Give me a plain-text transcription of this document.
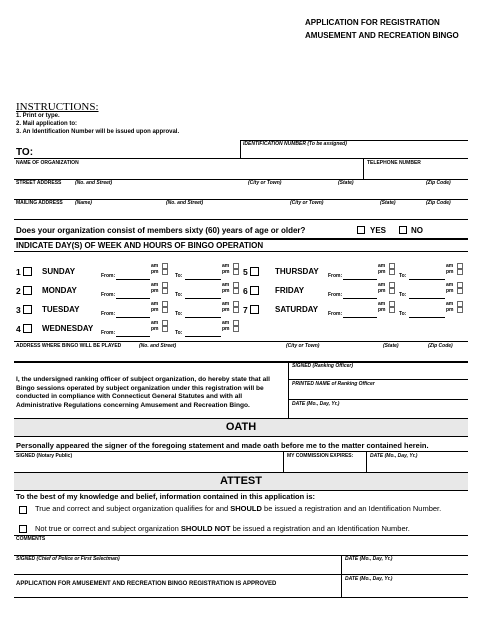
APPLICATION FOR REGISTRATION
AMUSEMENT AND RECREATION BINGO
INSTRUCTIONS:
1. Print or type.
2. Mail application to:
3. An Identification Number will be issued upon approval.
IDENTIFICATION NUMBER (To be assigned)
TO:
NAME OF ORGANIZATION	TELEPHONE NUMBER
STREET ADDRESS	(No. and Street)	(City or Town)	(State)	(Zip Code)
MAILING ADDRESS (Name)	(No. and Street)	(City or Town)	(State)	(Zip Code)
Does your organization consist of members sixty (60) years of age or older?	YES	NO
INDICATE DAY(S) OF WEEK AND HOURS OF BINGO OPERATION
1	SUNDAY	From:
am
pm
To:
am
pm
2	MONDAY	From:
am
pm
To:
am
pm
3	TUESDAY	From:
am
pm
To:
am
pm
4	WEDNESDAY From:
am
pm
To:
am
pm
5	THURSDAY From:
am
pm
To:
am
pm
6	FRIDAY	From:
am
pm
To:
am
pm
7	SATURDAY From:
am
pm
To:
am
pm
ADDRESS WHERE BINGO WILL BE PLAYED	(No. and Street)	(City or Town)	(State)	(Zip Code)
I, the undersigned ranking officer of subject organization, do hereby state that all Bingo sessions operated by subject organization under this registration will be conducted in compliance with Connecticut General Statutes and with all Administrative Regulations concerning Amusement and Recreation Bingo.
SIGNED (Ranking Officer)
PRINTED NAME of Ranking Officer
DATE (Mo., Day, Yr.)
OATH
Personally appeared the signer of the foregoing statement and made oath before me to the matter contained herein.
SIGNED (Notary Public)	MY COMMISSION EXPIRES:	DATE (Mo., Day, Yr.)
ATTEST
To the best of my knowledge and belief, information contained in this application is:
True and correct and subject organization qualifies for and SHOULD be issued a registration and an Identification Number.
Not true or correct and subject organization SHOULD NOT be issued a registration and an Identification Number.
COMMENTS
SIGNED (Chief of Police or First Selectman)	DATE (Mo., Day, Yr.)
APPLICATION FOR AMUSEMENT AND RECREATION BINGO REGISTRATION IS APPROVED
DATE (Mo., Day, Yr.)
